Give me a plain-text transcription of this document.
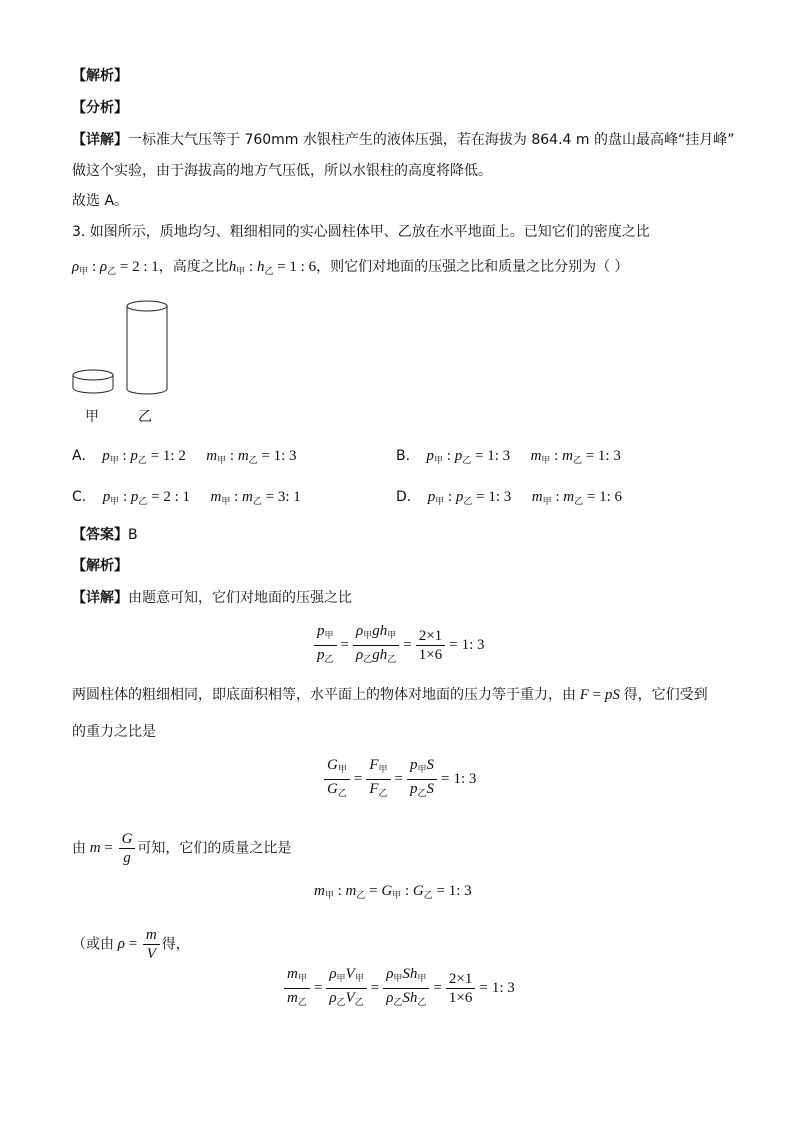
【解析】
【分析】
【详解】一标准大气压等于 760mm 水银柱产生的液体压强，若在海拔为 864.4 m 的盘山最高峰“挂月峰”
做这个实验，由于海拔高的地方气压低，所以水银柱的高度将降低。
故选 A。
3. 如图所示，质地均匀、粗细相同的实心圆柱体甲、乙放在水平地面上。已知它们的密度之比
$\rho_甲$ : $\rho_乙 = 2$ : 1，高度之比$h_甲$ : $h_乙 = 1$ : 6，则它们对地面的压强之比和质量之比分别为（ ）
甲	乙
A. $p_甲$ : $p_乙 = 1$: 2 $m_甲$ : $m_乙 = 1$: 3	B. $p_甲$ : $p_乙 = 1$: 3 $m_甲$ : $m_乙 = 1$: 3
C. $p_甲$ : $p_乙 = 2$ : 1 $m_甲$ : $m_乙 = 3$: 1	D. $p_甲$ : $p_乙 = 1$: 3 $m_甲$ : $m_乙 = 1$: 6
【答案】B
【解析】
【详解】由题意可知，它们对地面的压强之比
$\frac{p_甲}{p_乙} = \frac{\rho_甲gh_甲}{\rho_乙gh_乙} = \frac{2\times 1}{1\times 6} = 1$: 3
两圆柱体的粗细相同，即底面积相等，水平面上的物体对地面的压力等于重力，由 F = pS 得，它们受到
的重力之比是
$\frac{G_甲}{G_乙} = \frac{F_甲}{F_乙} = \frac{p_甲S}{p_乙S} = 1$: 3
由 $m = \frac{G}{g}$ 可知，它们的质量之比是
$m_甲$ : $m_乙 = G_甲$ : $G_乙 = 1$: 3
（或由 $\rho = \frac{m}{V}$ 得，
$\frac{m_甲}{m_乙} = \frac{\rho_甲V_甲}{\rho_乙V_乙} = \frac{\rho_甲Sh_甲}{\rho_乙Sh_乙} = \frac{2\times 1}{1\times 6} = 1$: 3
